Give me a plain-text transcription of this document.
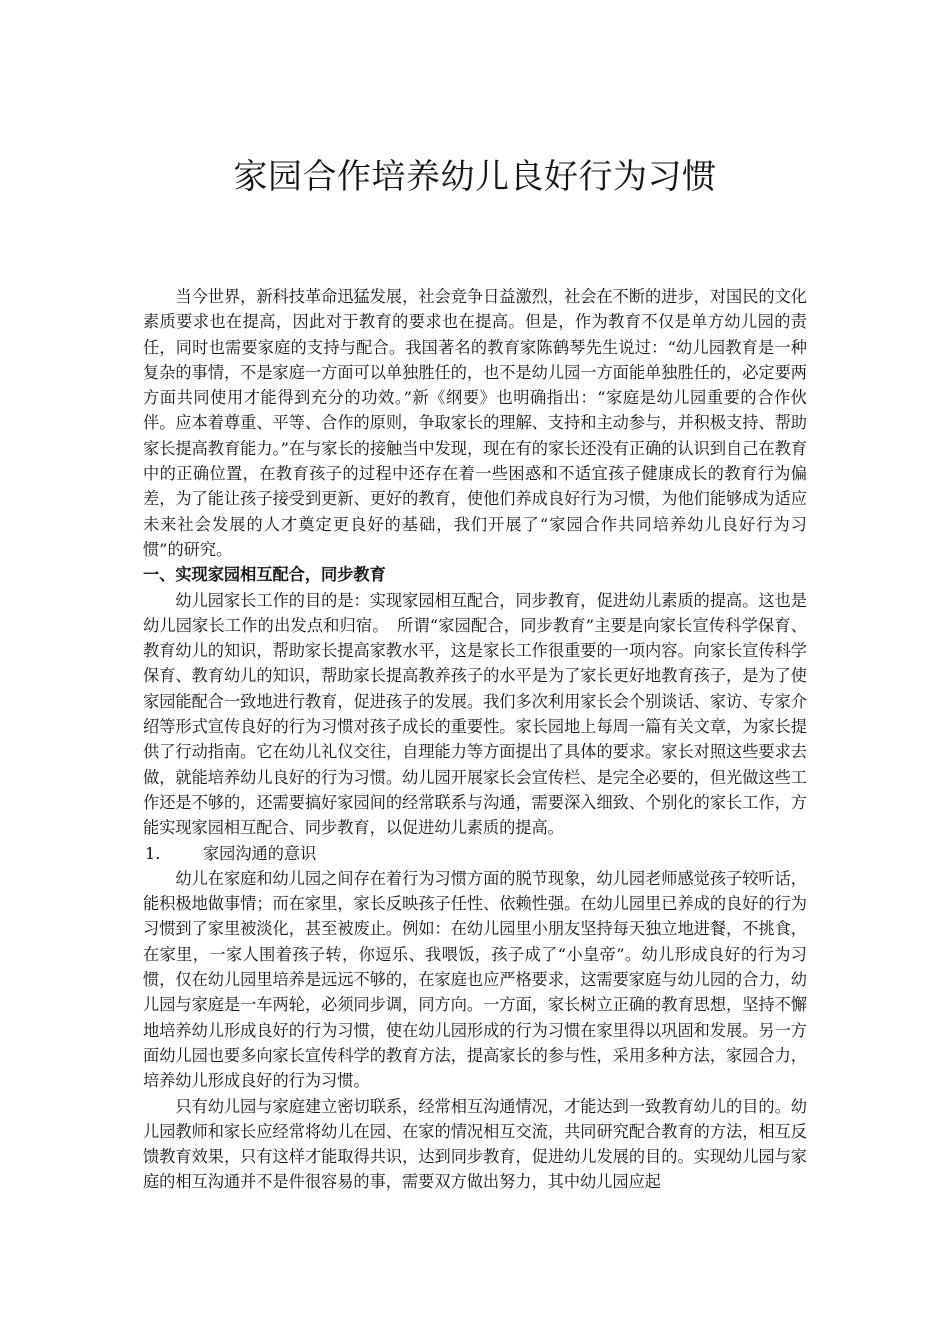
家园合作培养幼儿良好行为习惯

当今世界，新科技革命迅猛发展，社会竞争日益激烈，社会在不断的进步，对国民的文化素质要求也在提高，因此对于教育的要求也在提高。但是，作为教育不仅是单方幼儿园的责任，同时也需要家庭的支持与配合。我国著名的教育家陈鹤琴先生说过：“幼儿园教育是一种复杂的事情，不是家庭一方面可以单独胜任的，也不是幼儿园一方面能单独胜任的，必定要两方面共同使用才能得到充分的功效。”新《纲要》也明确指出：“家庭是幼儿园重要的合作伙伴。应本着尊重、平等、合作的原则，争取家长的理解、支持和主动参与，并积极支持、帮助家长提高教育能力。”在与家长的接触当中发现，现在有的家长还没有正确的认识到自己在教育中的正确位置，在教育孩子的过程中还存在着一些困惑和不适宜孩子健康成长的教育行为偏差，为了能让孩子接受到更新、更好的教育，使他们养成良好行为习惯，为他们能够成为适应未来社会发展的人才奠定更良好的基础，我们开展了“家园合作共同培养幼儿良好行为习惯”的研究。

一、实现家园相互配合，同步教育

幼儿园家长工作的目的是：实现家园相互配合，同步教育，促进幼儿素质的提高。这也是幼儿园家长工作的出发点和归宿。　所谓“家园配合，同步教育”主要是向家长宣传科学保育、教育幼儿的知识，帮助家长提高家教水平，这是家长工作很重要的一项内容。向家长宣传科学保育、教育幼儿的知识，帮助家长提高教养孩子的水平是为了家长更好地教育孩子，是为了使家园能配合一致地进行教育，促进孩子的发展。我们多次利用家长会个别谈话、家访、专家介绍等形式宣传良好的行为习惯对孩子成长的重要性。家长园地上每周一篇有关文章，为家长提供了行动指南。它在幼儿礼仪交往，自理能力等方面提出了具体的要求。家长对照这些要求去做，就能培养幼儿良好的行为习惯。幼儿园开展家长会宣传栏、是完全必要的，但光做这些工作还是不够的，还需要搞好家园间的经常联系与沟通，需要深入细致、个别化的家长工作，方能实现家园相互配合、同步教育，以促进幼儿素质的提高。

1.	家园沟通的意识

幼儿在家庭和幼儿园之间存在着行为习惯方面的脱节现象，幼儿园老师感觉孩子较听话，能积极地做事情；而在家里，家长反映孩子任性、依赖性强。在幼儿园里已养成的良好的行为习惯到了家里被淡化，甚至被废止。例如：在幼儿园里小朋友坚持每天独立地进餐，不挑食，在家里，一家人围着孩子转，你逗乐、我喂饭，孩子成了“小皇帝”。幼儿形成良好的行为习惯，仅在幼儿园里培养是远远不够的，在家庭也应严格要求，这需要家庭与幼儿园的合力，幼儿园与家庭是一车两轮，必须同步调，同方向。一方面，家长树立正确的教育思想，坚持不懈地培养幼儿形成良好的行为习惯，使在幼儿园形成的行为习惯在家里得以巩固和发展。另一方面幼儿园也要多向家长宣传科学的教育方法，提高家长的参与性，采用多种方法，家园合力，培养幼儿形成良好的行为习惯。

只有幼儿园与家庭建立密切联系，经常相互沟通情况，才能达到一致教育幼儿的目的。幼儿园教师和家长应经常将幼儿在园、在家的情况相互交流，共同研究配合教育的方法，相互反馈教育效果，只有这样才能取得共识，达到同步教育，促进幼儿发展的目的。实现幼儿园与家庭的相互沟通并不是件很容易的事，需要双方做出努力，其中幼儿园应起
